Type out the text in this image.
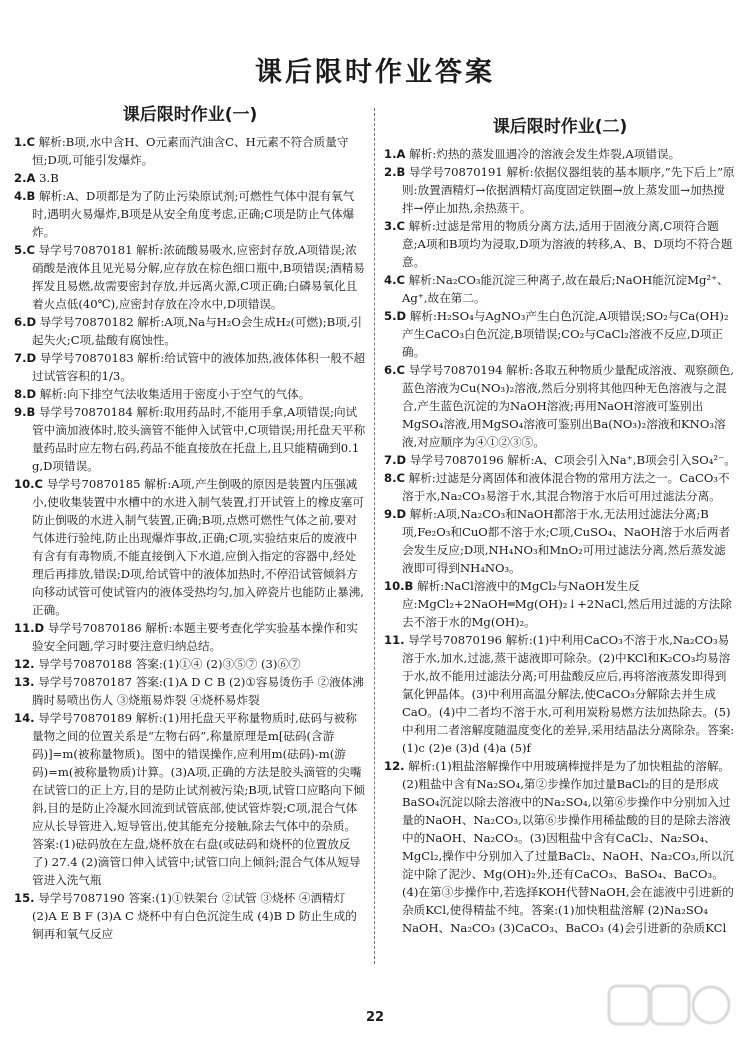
课后限时作业答案
课后限时作业(一)

1.C 解析:B项,水中含H、O元素而汽油含C、H元素不符合质量守恒;D项,可能引发爆炸。

2.A 3.B

4.B 解析:A、D项都是为了防止污染原试剂;可燃性气体中混有氧气时,遇明火易爆炸,B项是从安全角度考虑,正确;C项是防止气体爆炸。

5.C 导学号70870181 解析:浓硫酸易吸水,应密封存放,A项错误;浓硝酸是液体且见光易分解,应存放在棕色细口瓶中,B项错误;酒精易挥发且易燃,故需要密封存放,并远离火源,C项正确;白磷易氧化且着火点低(40℃),应密封存放在冷水中,D项错误。

6.D 导学号70870182 解析:A项,Na与H₂O会生成H₂(可燃);B项,引起失火;C项,盐酸有腐蚀性。

7.D 导学号70870183 解析:给试管中的液体加热,液体体积一般不超过试管容积的1/3。

8.D 解析:向下排空气法收集适用于密度小于空气的气体。

9.B 导学号70870184 解析:取用药品时,不能用手拿,A项错误;向试管中滴加液体时,胶头滴管不能伸入试管中,C项错误;用托盘天平称量药品时应左物右码,药品不能直接放在托盘上,且只能精确到0.1 g,D项错误。

10.C 导学号70870185 解析:A项,产生倒吸的原因是装置内压强减小,使收集装置中水槽中的水进入制气装置,打开试管上的橡皮塞可防止倒吸的水进入制气装置,正确;B项,点燃可燃性气体之前,要对气体进行验纯,防止出现爆炸事故,正确;C项,实验结束后的废液中有含有有毒物质,不能直接倒入下水道,应倒入指定的容器中,经处理后再排放,错误;D项,给试管中的液体加热时,不停沿试管倾斜方向移动试管可使试管内的液体受热均匀,加入碎瓷片也能防止暴沸,正确。

11.D 导学号70870186 解析:本题主要考查化学实验基本操作和实验安全问题,学习时要注意归纳总结。

12. 导学号70870188 答案:(1)①④ (2)③⑤⑦ (3)⑥⑦

13. 导学号70870187 答案:(1)A D C B (2)①容易烫伤手 ②液体沸腾时易喷出伤人 ③烧瓶易炸裂 ④烧杯易炸裂

14. 导学号70870189 解析:(1)用托盘天平称量物质时,砝码与被称量物之间的位置关系是“左物右码”,称量原理是m[砝码(含游码)]=m(被称量物质)。图中的错误操作,应利用m(砝码)-m(游码)=m(被称量物质)计算。(3)A项,正确的方法是胶头滴管的尖嘴在试管口的正上方,目的是防止试剂被污染;B项,试管口应略向下倾斜,目的是防止冷凝水回流到试管底部,使试管炸裂;C项,混合气体应从长导管进入,短导管出,使其能充分接触,除去气体中的杂质。答案:(1)砝码放在左盘,烧杯放在右盘(或砝码和烧杯的位置放反了) 27.4 (2)滴管口伸入试管中;试管口向上倾斜;混合气体从短导管进入洗气瓶

15. 导学号7087190 答案:(1)①铁架台 ②试管 ③烧杯 ④酒精灯 (2)A E B F (3)A C 烧杯中有白色沉淀生成 (4)B D 防止生成的铜再和氧气反应

课后限时作业(二)

1.A 解析:灼热的蒸发皿遇冷的溶液会发生炸裂,A项错误。

2.B 导学号70870191 解析:依据仪器组装的基本顺序,“先下后上”原则:放置酒精灯→依据酒精灯高度固定铁圈→放上蒸发皿→加热搅拌→停止加热,余热蒸干。

3.C 解析:过滤是常用的物质分离方法,适用于固液分离,C项符合题意;A项和B项均为浸取,D项为溶液的转移,A、B、D项均不符合题意。

4.C 解析:Na₂CO₃能沉淀三种离子,故在最后;NaOH能沉淀Mg²⁺、Ag⁺,故在第二。

5.D 解析:H₂SO₄与AgNO₃产生白色沉淀,A项错误;SO₂与Ca(OH)₂产生CaCO₃白色沉淀,B项错误;CO₂与CaCl₂溶液不反应,D项正确。

6.C 导学号70870194 解析:各取五种物质少量配成溶液、观察颜色,蓝色溶液为Cu(NO₃)₂溶液,然后分别将其他四种无色溶液与之混合,产生蓝色沉淀的为NaOH溶液;再用NaOH溶液可鉴别出MgSO₄溶液,用MgSO₄溶液可鉴别出Ba(NO₃)₂溶液和KNO₃溶液,对应顺序为④①②③⑤。

7.D 导学号70870196 解析:A、C项会引入Na⁺,B项会引入SO₄²⁻。

8.C 解析:过滤是分离固体和液体混合物的常用方法之一。CaCO₃不溶于水,Na₂CO₃易溶于水,其混合物溶于水后可用过滤法分离。

9.D 解析:A项,Na₂CO₃和NaOH都溶于水,无法用过滤法分离;B项,Fe₂O₃和CuO都不溶于水;C项,CuSO₄、NaOH溶于水后两者会发生反应;D项,NH₄NO₃和MnO₂可用过滤法分离,然后蒸发滤液即可得到NH₄NO₃。

10.B 解析:NaCl溶液中的MgCl₂与NaOH发生反应:MgCl₂+2NaOH═Mg(OH)₂↓+2NaCl,然后用过滤的方法除去不溶于水的Mg(OH)₂。

11. 导学号70870196 解析:(1)中利用CaCO₃不溶于水,Na₂CO₃易溶于水,加水,过滤,蒸干滤液即可除杂。(2)中KCl和K₂CO₃均易溶于水,故不能用过滤法分离;可用盐酸反应后,再将溶液蒸发即得到氯化钾晶体。(3)中利用高温分解法,使CaCO₃分解除去并生成CaO。(4)中二者均不溶于水,可利用炭粉易燃方法加热除去。(5)中利用二者溶解度随温度变化的差异,采用结晶法分离除杂。答案:(1)c (2)e (3)d (4)a (5)f

12. 解析:(1)粗盐溶解操作中用玻璃棒搅拌是为了加快粗盐的溶解。(2)粗盐中含有Na₂SO₄,第②步操作加过量BaCl₂的目的是形成BaSO₄沉淀以除去溶液中的Na₂SO₄,以第⑥步操作中分别加入过量的NaOH、Na₂CO₃,以第⑥步操作用稀盐酸的目的是除去溶液中的NaOH、Na₂CO₃。(3)因粗盐中含有CaCl₂、Na₂SO₄、MgCl₂,操作中分别加入了过量BaCl₂、NaOH、Na₂CO₃,所以沉淀中除了泥沙、Mg(OH)₂外,还有CaCO₃、BaSO₄、BaCO₃。(4)在第③步操作中,若选择KOH代替NaOH,会在滤液中引进新的杂质KCl,使得精盐不纯。答案:(1)加快粗盐溶解 (2)Na₂SO₄ NaOH、Na₂CO₃ (3)CaCO₃、BaCO₃ (4)会引进新的杂质KCl

22
